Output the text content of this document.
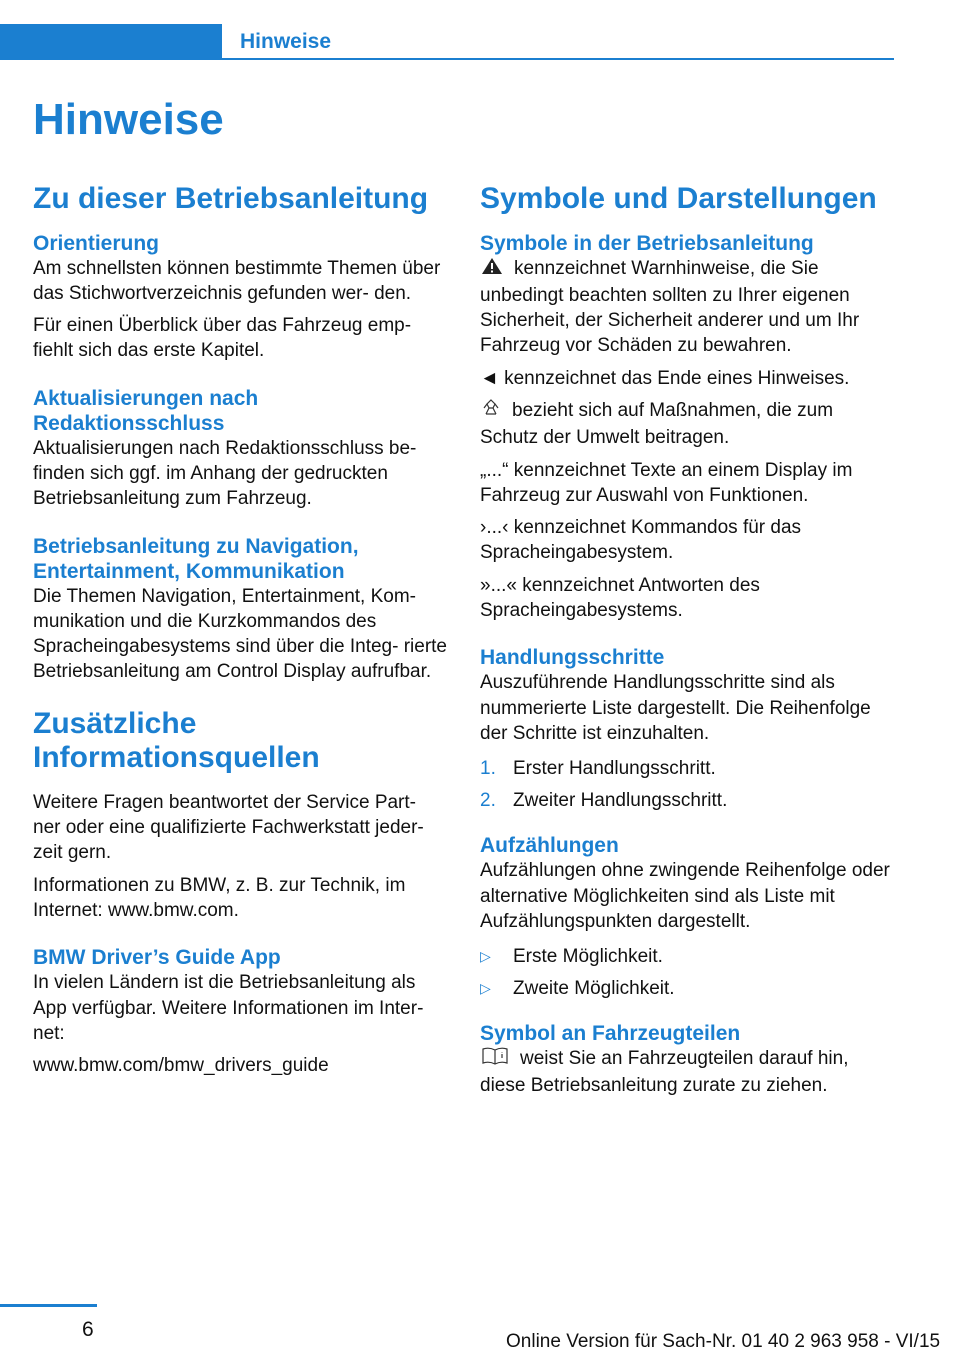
Hinweise
Hinweise
Zu dieser Betriebsanleitung
Orientierung

Am schnellsten können bestimmte Themen über das Stichwortverzeichnis gefunden wer‐ den.

Für einen Überblick über das Fahrzeug emp‐ fiehlt sich das erste Kapitel.

Aktualisierungen nach Redaktionsschluss

Aktualisierungen nach Redaktionsschluss be‐ finden sich ggf. im Anhang der gedruckten Betriebsanleitung zum Fahrzeug.

Betriebsanleitung zu Navigation, Entertainment, Kommunikation

Die Themen Navigation, Entertainment, Kom‐ munikation und die Kurzkommandos des Spracheingabesystems sind über die Integ‐ rierte Betriebsanleitung am Control Display aufrufbar.

Zusätzliche Informationsquellen

Weitere Fragen beantwortet der Service Part‐ ner oder eine qualifizierte Fachwerkstatt jeder‐ zeit gern.

Informationen zu BMW, z. B. zur Technik, im Internet: www.bmw.com.

BMW Driver’s Guide App

In vielen Ländern ist die Betriebsanleitung als App verfügbar. Weitere Informationen im Inter‐ net:

www.bmw.com/bmw_drivers_guide

Symbole und Darstellungen
Symbole in der Betriebsanleitung

kennzeichnet Warnhinweise, die Sie unbedingt beachten sollten zu Ihrer eigenen Sicherheit, der Sicherheit anderer und um Ihr Fahrzeug vor Schäden zu bewahren.

◄ kennzeichnet das Ende eines Hinweises.

bezieht sich auf Maßnahmen, die zum Schutz der Umwelt beitragen.

„...“ kennzeichnet Texte an einem Display im Fahrzeug zur Auswahl von Funktionen.

›...‹ kennzeichnet Kommandos für das Spracheingabesystem.

»...« kennzeichnet Antworten des Spracheingabesystems.

Handlungsschritte

Auszuführende Handlungsschritte sind als nummerierte Liste dargestellt. Die Reihenfolge der Schritte ist einzuhalten.

1. Erster Handlungsschritt.
2. Zweiter Handlungsschritt.
Aufzählungen

Aufzählungen ohne zwingende Reihenfolge oder alternative Möglichkeiten sind als Liste mit Aufzählungspunkten dargestellt.

▷	Erste Möglichkeit.
▷	Zweite Möglichkeit.
Symbol an Fahrzeugteilen

weist Sie an Fahrzeugteilen darauf hin, diese Betriebsanleitung zurate zu ziehen.

6
Online Version für Sach-Nr. 01 40 2 963 958 - VI/15
